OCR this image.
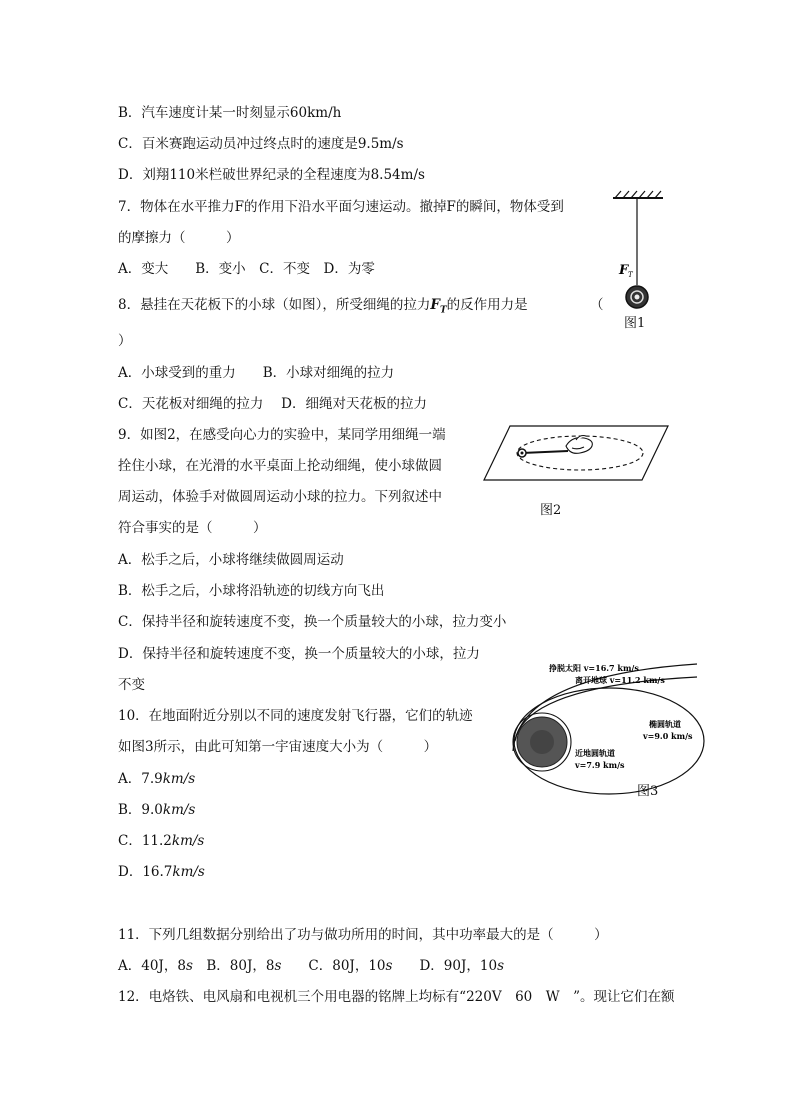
B．汽车速度计某一时刻显示60km/h
C．百米赛跑运动员冲过终点时的速度是9.5m/s
D．刘翔110米栏破世界纪录的全程速度为8.54m/s
7．物体在水平推力F的作用下沿水平面匀速运动。撤掉F的瞬间，物体受到
的摩擦力（　　　）
A．变大　　B．变小　C．不变　D．为零
8．悬挂在天花板下的小球（如图），所受细绳的拉力$F_T$的反作用力是	（
）
A．小球受到的重力　　B．小球对细绳的拉力
C．天花板对细绳的拉力　 D．细绳对天花板的拉力
9．如图2，在感受向心力的实验中，某同学用细绳一端
拴住小球，在光滑的水平桌面上抡动细绳，使小球做圆
周运动，体验手对做圆周运动小球的拉力。下列叙述中
符合事实的是（　　　）
A．松手之后，小球将继续做圆周运动
B．松手之后，小球将沿轨迹的切线方向飞出
C．保持半径和旋转速度不变，换一个质量较大的小球，拉力变小
D．保持半径和旋转速度不变，换一个质量较大的小球，拉力
不变
10．在地面附近分别以不同的速度发射飞行器，它们的轨迹
如图3所示，由此可知第一宇宙速度大小为（　　　）
A．7.9km/s
B．9.0km/s
C．11.2km/s
D．16.7km/s
11．下列几组数据分别给出了功与做功所用的时间，其中功率最大的是（　　　）
A．40J，8s　 B．80J，8s　　 C．80J，10s　　 D．90J，10s
12．电烙铁、电风扇和电视机三个用电器的铭牌上均标有“220V　60　W　”。现让它们在额
F T
图1
图2
挣脱太阳 v=16.7 km/s
离开地球 v=11.2 km/s
椭圆轨道
v=9.0 km/s
近地圆轨道
v=7.9 km/s
图3
